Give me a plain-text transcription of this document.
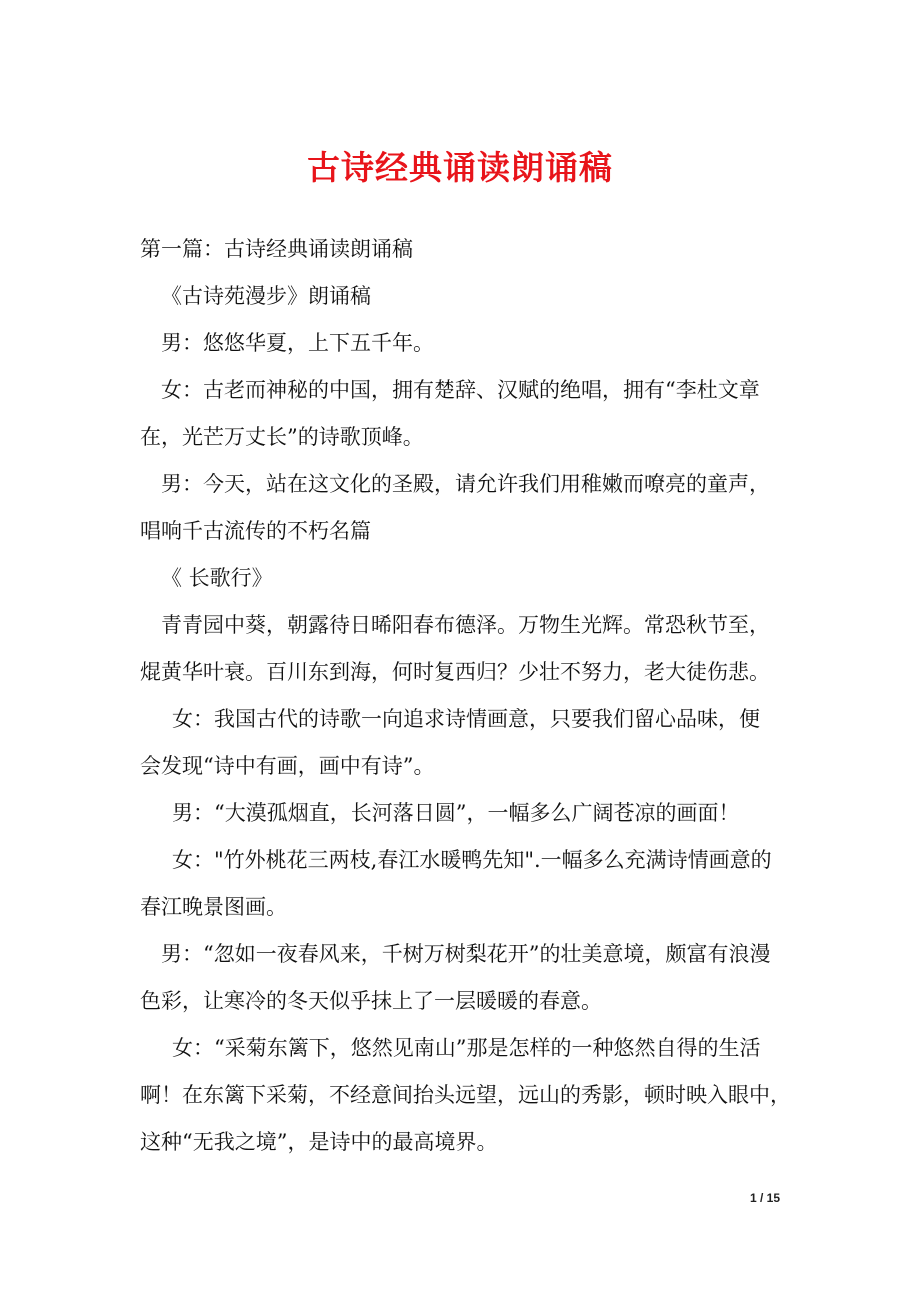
古诗经典诵读朗诵稿
第一篇：古诗经典诵读朗诵稿
《古诗苑漫步》朗诵稿
男：悠悠华夏，上下五千年。
女：古老而神秘的中国，拥有楚辞、汉赋的绝唱，拥有“李杜文章
在，光芒万丈长”的诗歌顶峰。
男：今天，站在这文化的圣殿，请允许我们用稚嫩而嘹亮的童声，
唱响千古流传的不朽名篇
《 长歌行》
青青园中葵，朝露待日晞阳春布德泽。万物生光辉。常恐秋节至，
焜黄华叶衰。百川东到海，何时复西归？少壮不努力，老大徒伤悲。
女：我国古代的诗歌一向追求诗情画意，只要我们留心品味，便
会发现“诗中有画，画中有诗”。
男：“大漠孤烟直，长河落日圆”，一幅多么广阔苍凉的画面！
女："竹外桃花三两枝,春江水暖鸭先知".一幅多么充满诗情画意的
春江晚景图画。
男：“忽如一夜春风来，千树万树梨花开”的壮美意境，颇富有浪漫
色彩，让寒冷的冬天似乎抹上了一层暖暖的春意。
女：“采菊东篱下，悠然见南山”那是怎样的一种悠然自得的生活
啊！在东篱下采菊，不经意间抬头远望，远山的秀影，顿时映入眼中，
这种“无我之境”，是诗中的最高境界。
1 / 15
